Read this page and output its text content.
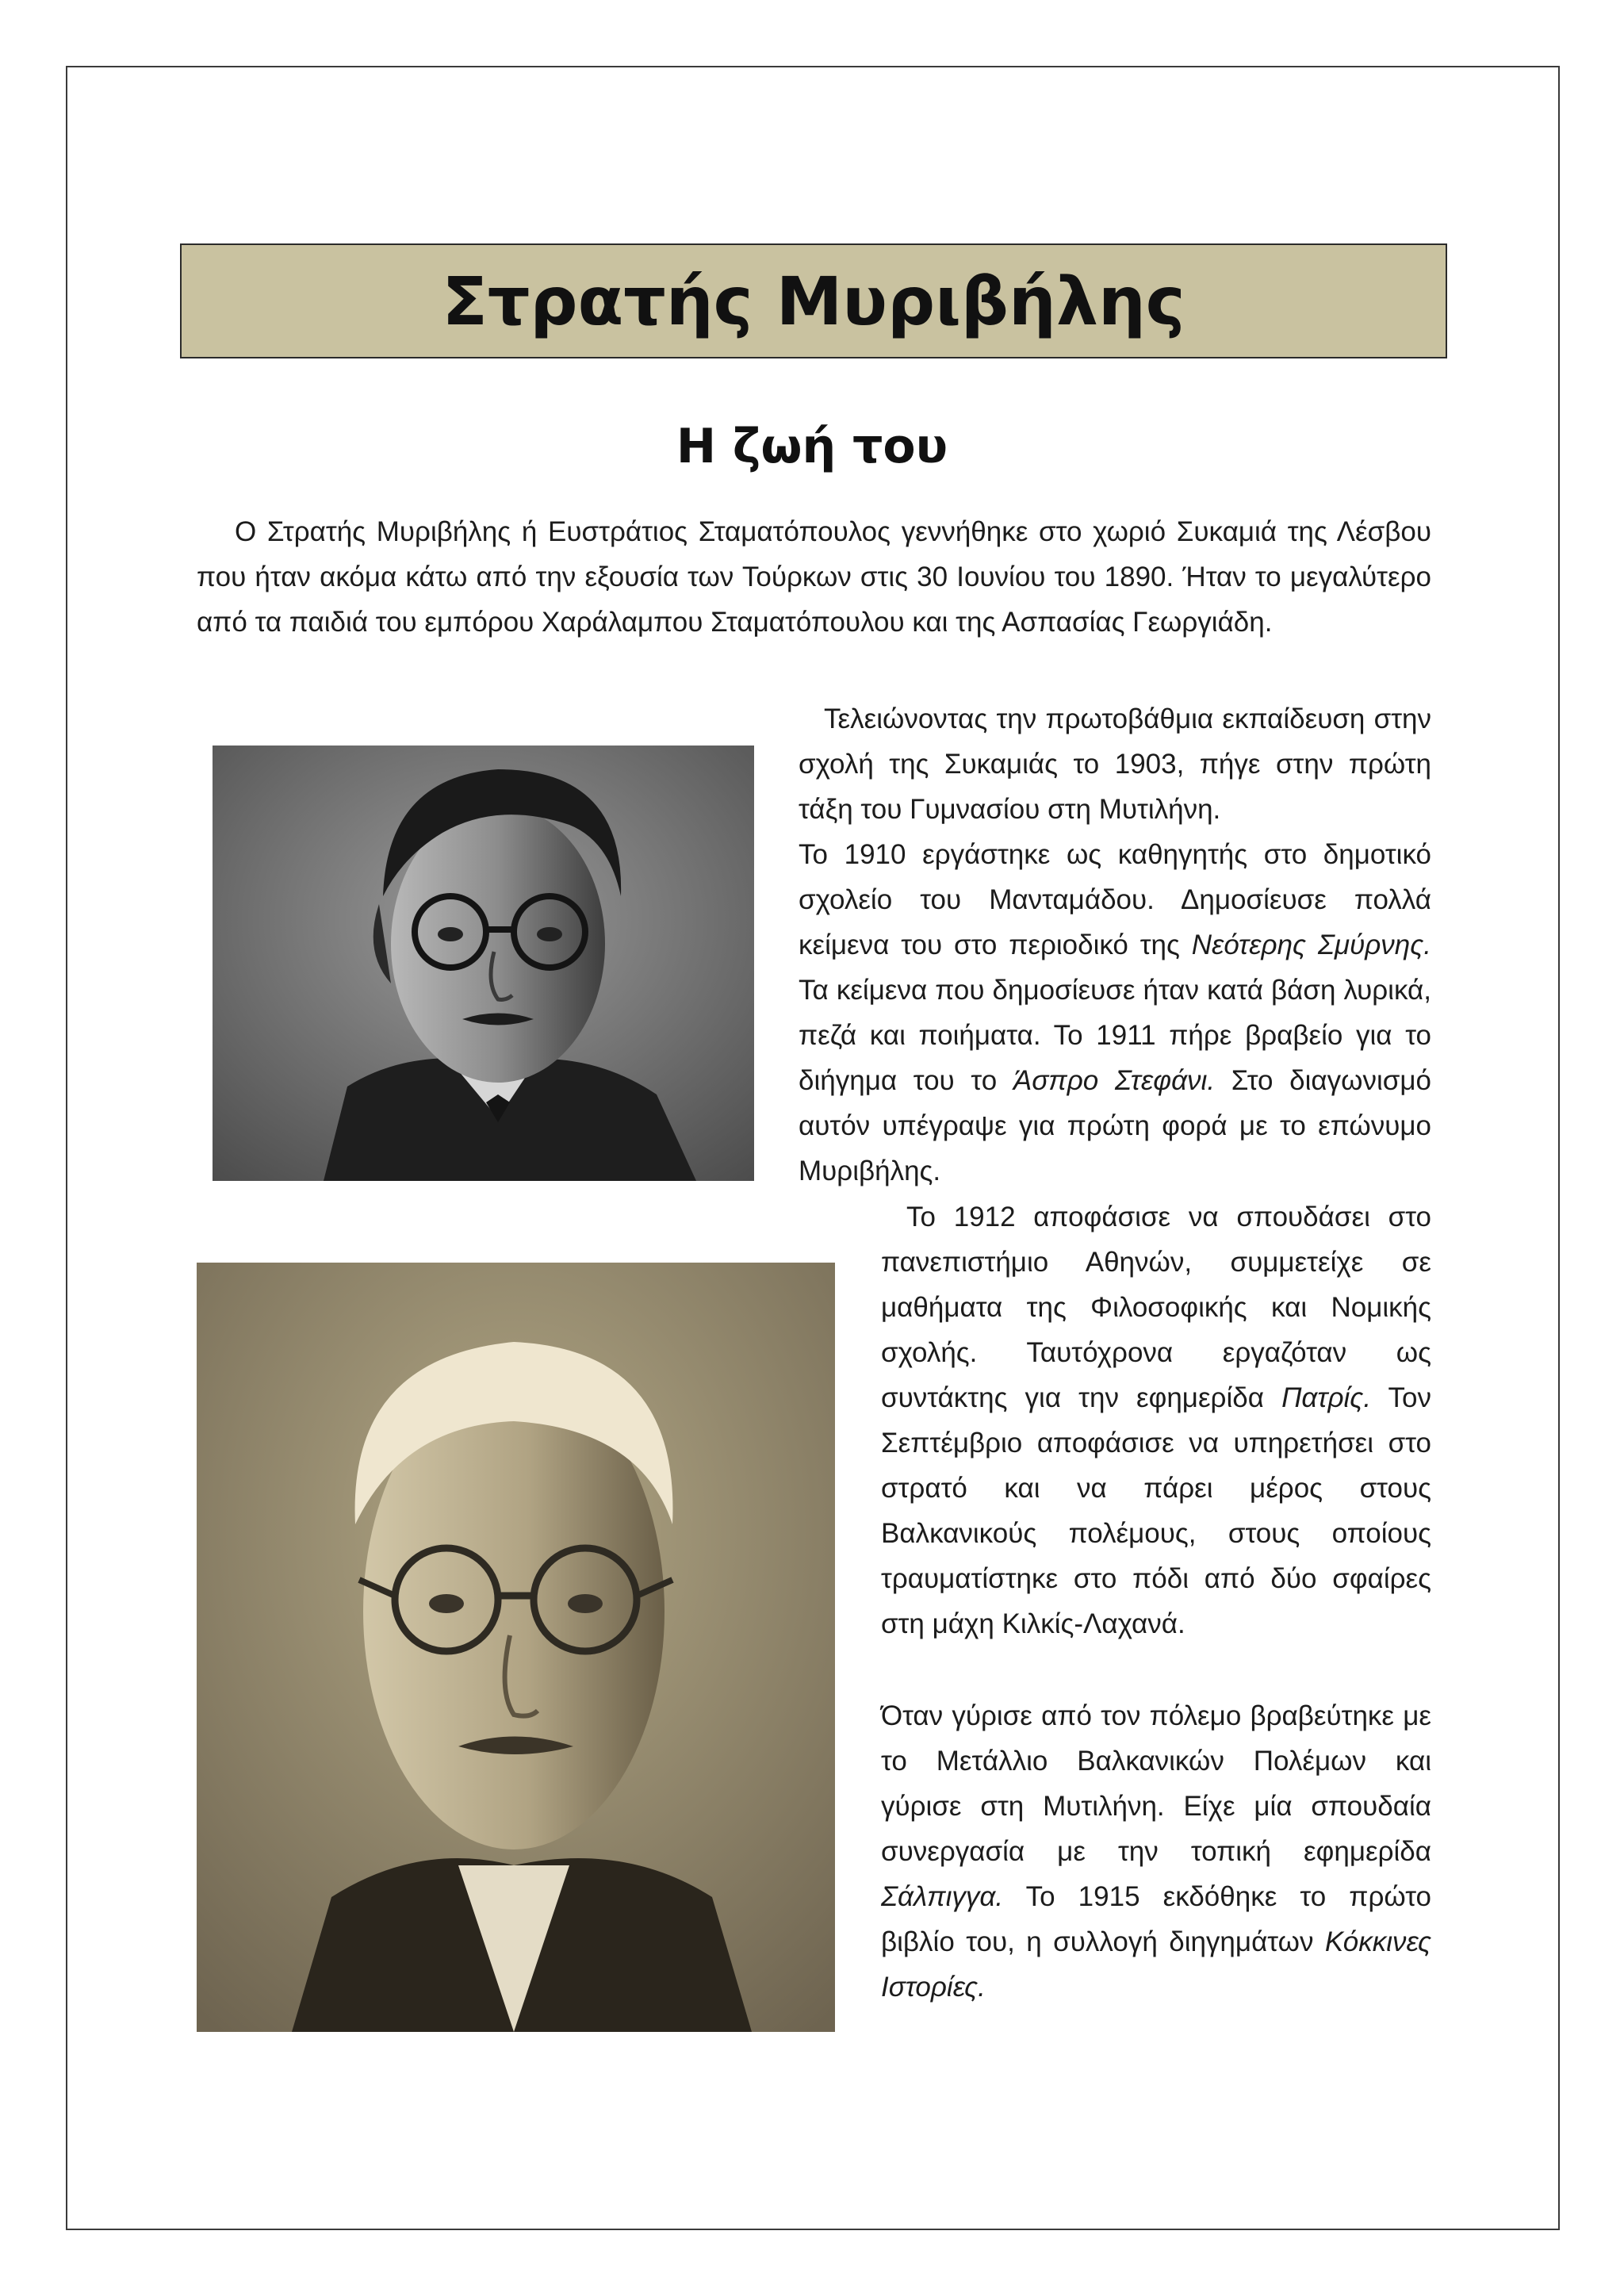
Στρατής Μυριβήλης
Η ζωή του

Ο Στρατής Μυριβήλης ή Ευστράτιος Σταματόπουλος γεννήθηκε στο χωριό Συκαμιά της Λέσβου που ήταν ακόμα κάτω από την εξουσία των Τούρκων στις 30 Ιουνίου του 1890. Ήταν το μεγαλύτερο από τα παιδιά του εμπόρου Χαράλαμπου Σταματόπουλου και της Ασπασίας Γεωργιάδη.

Τελειώνοντας την πρωτοβάθμια εκπαίδευση στην σχολή της Συκαμιάς το 1903, πήγε στην πρώτη τάξη του Γυμνασίου στη Μυτιλήνη.

Το 1910 εργάστηκε ως καθηγητής στο δημοτικό σχολείο του Μανταμάδου. Δημοσίευσε πολλά κείμενα του στο περιοδικό της Νεότερης Σμύρνης. Τα κείμενα που δημοσίευσε ήταν κατά βάση λυρικά, πεζά και ποιήματα. Το 1911 πήρε βραβείο για το διήγημα του το Άσπρο Στεφάνι. Στο διαγωνισμό αυτόν υπέγραψε για πρώτη φορά με το επώνυμο Μυριβήλης.

Το 1912 αποφάσισε να σπουδάσει στο πανεπιστήμιο Αθηνών, συμμετείχε σε μαθήματα της Φιλοσοφικής και Νομικής σχολής. Ταυτόχρονα εργαζόταν ως συντάκτης για την εφημερίδα Πατρίς. Τον Σεπτέμβριο αποφάσισε να υπηρετήσει στο στρατό και να πάρει μέρος στους Βαλκανικούς πολέμους, στους οποίους τραυματίστηκε στο πόδι από δύο σφαίρες στη μάχη Κιλκίς-Λαχανά.

Όταν γύρισε από τον πόλεμο βραβεύτηκε με το Μετάλλιο Βαλκανικών Πολέμων και γύρισε στη Μυτιλήνη. Είχε μία σπουδαία συνεργασία με την τοπική εφημερίδα Σάλπιγγα. Το 1915 εκδόθηκε το πρώτο βιβλίο του, η συλλογή διηγημάτων Κόκκινες Ιστορίες.
